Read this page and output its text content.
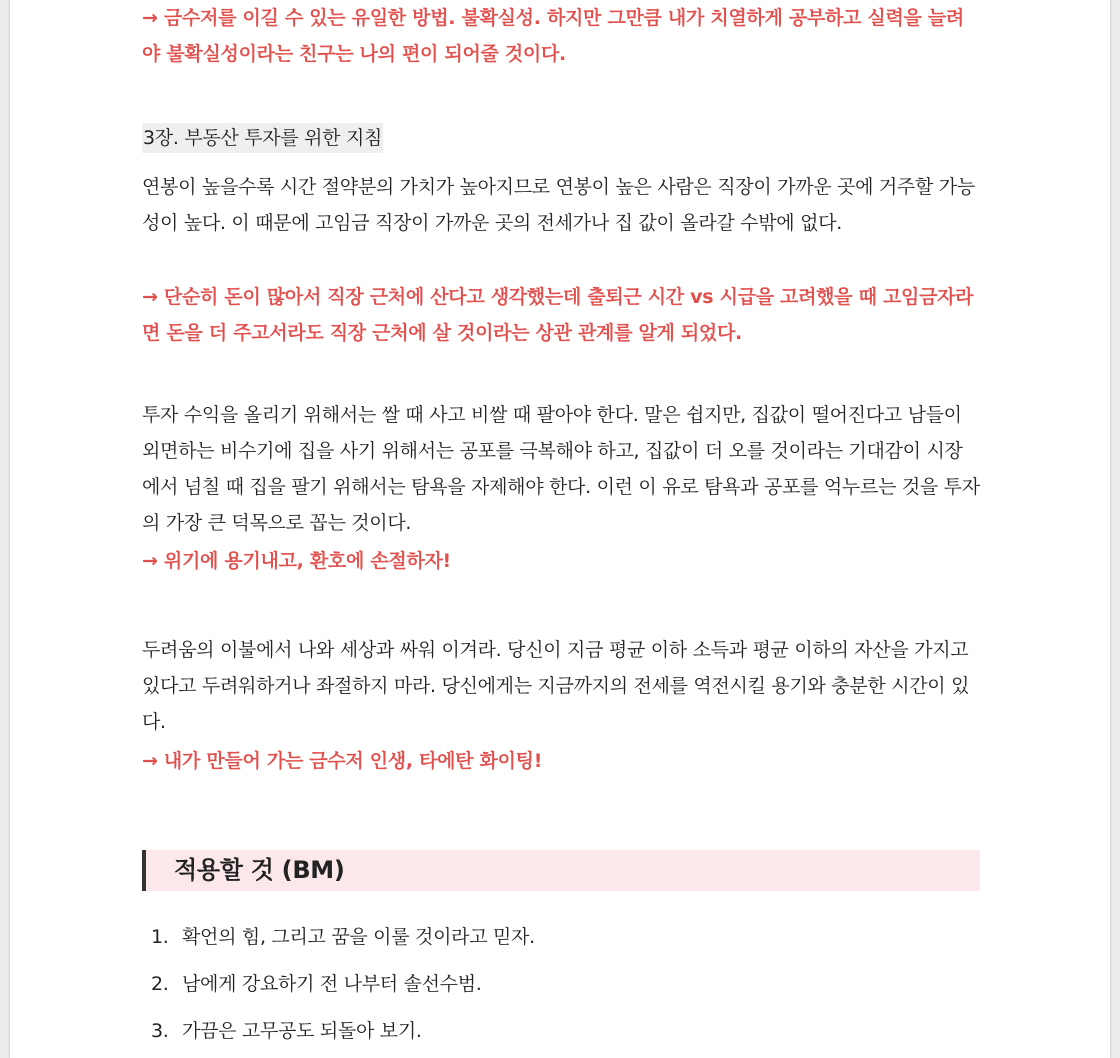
→ 금수저를 이길 수 있는 유일한 방법. 불확실성. 하지만 그만큼 내가 치열하게 공부하고 실력을 늘려야 불확실성이라는 친구는 나의 편이 되어줄 것이다.

3장. 부동산 투자를 위한 지침

연봉이 높을수록 시간 절약분의 가치가 높아지므로 연봉이 높은 사람은 직장이 가까운 곳에 거주할 가능성이 높다. 이 때문에 고임금 직장이 가까운 곳의 전세가나 집 값이 올라갈 수밖에 없다.

→ 단순히 돈이 많아서 직장 근처에 산다고 생각했는데 출퇴근 시간 vs 시급을 고려했을 때 고임금자라면 돈을 더 주고서라도 직장 근처에 살 것이라는 상관 관계를 알게 되었다.

투자 수익을 올리기 위해서는 쌀 때 사고 비쌀 때 팔아야 한다. 말은 쉽지만, 집값이 떨어진다고 남들이 외면하는 비수기에 집을 사기 위해서는 공포를 극복해야 하고, 집값이 더 오를 것이라는 기대감이 시장에서 넘칠 때 집을 팔기 위해서는 탐욕을 자제해야 한다. 이런 이 유로 탐욕과 공포를 억누르는 것을 투자의 가장 큰 덕목으로 꼽는 것이다.

→ 위기에 용기내고, 환호에 손절하자!

두려움의 이불에서 나와 세상과 싸워 이겨라. 당신이 지금 평균 이하 소득과 평균 이하의 자산을 가지고 있다고 두려워하거나 좌절하지 마라. 당신에게는 지금까지의 전세를 역전시킬 용기와 충분한 시간이 있다.

→ 내가 만들어 가는 금수저 인생, 타에탄 화이팅!

적용할 것 (BM)
1. 확언의 힘, 그리고 꿈을 이룰 것이라고 믿자.
2. 남에게 강요하기 전 나부터 솔선수범.
3. 가끔은 고무공도 되돌아 보기.
